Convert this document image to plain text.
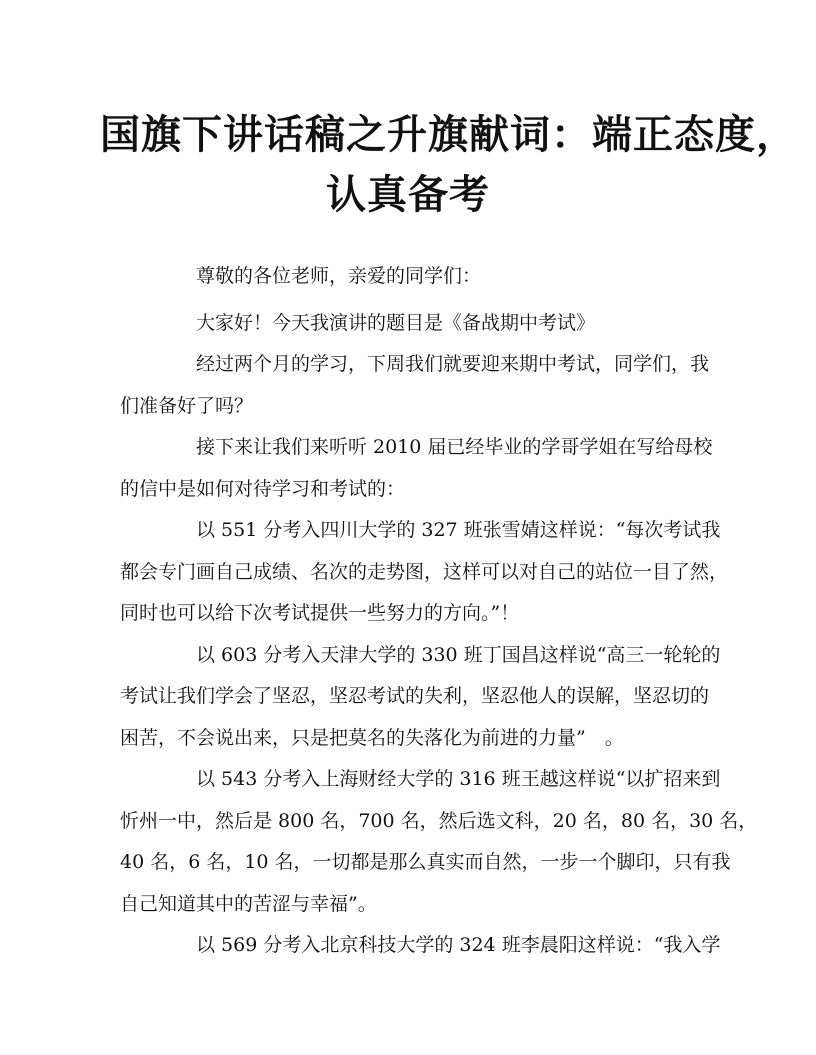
国旗下讲话稿之升旗献词：端正态度，
认真备考
尊敬的各位老师，亲爱的同学们：
大家好！今天我演讲的题目是《备战期中考试》
经过两个月的学习，下周我们就要迎来期中考试，同学们，我
们准备好了吗？
接下来让我们来听听 2010 届已经毕业的学哥学姐在写给母校
的信中是如何对待学习和考试的：
以 551 分考入四川大学的 327 班张雪婧这样说：“每次考试我
都会专门画自己成绩、名次的走势图，这样可以对自己的站位一目了然，
同时也可以给下次考试提供一些努力的方向。”！
以 603 分考入天津大学的 330 班丁国昌这样说“高三一轮轮的
考试让我们学会了坚忍，坚忍考试的失利，坚忍他人的误解，坚忍切的
困苦，不会说出来，只是把莫名的失落化为前进的力量”　。
以 543 分考入上海财经大学的 316 班王越这样说“以扩招来到
忻州一中，然后是 800 名，700 名，然后选文科，20 名，80 名，30 名，
40 名，6 名，10 名，一切都是那么真实而自然，一步一个脚印，只有我
自己知道其中的苦涩与幸福”。
以 569 分考入北京科技大学的 324 班李晨阳这样说：“我入学
